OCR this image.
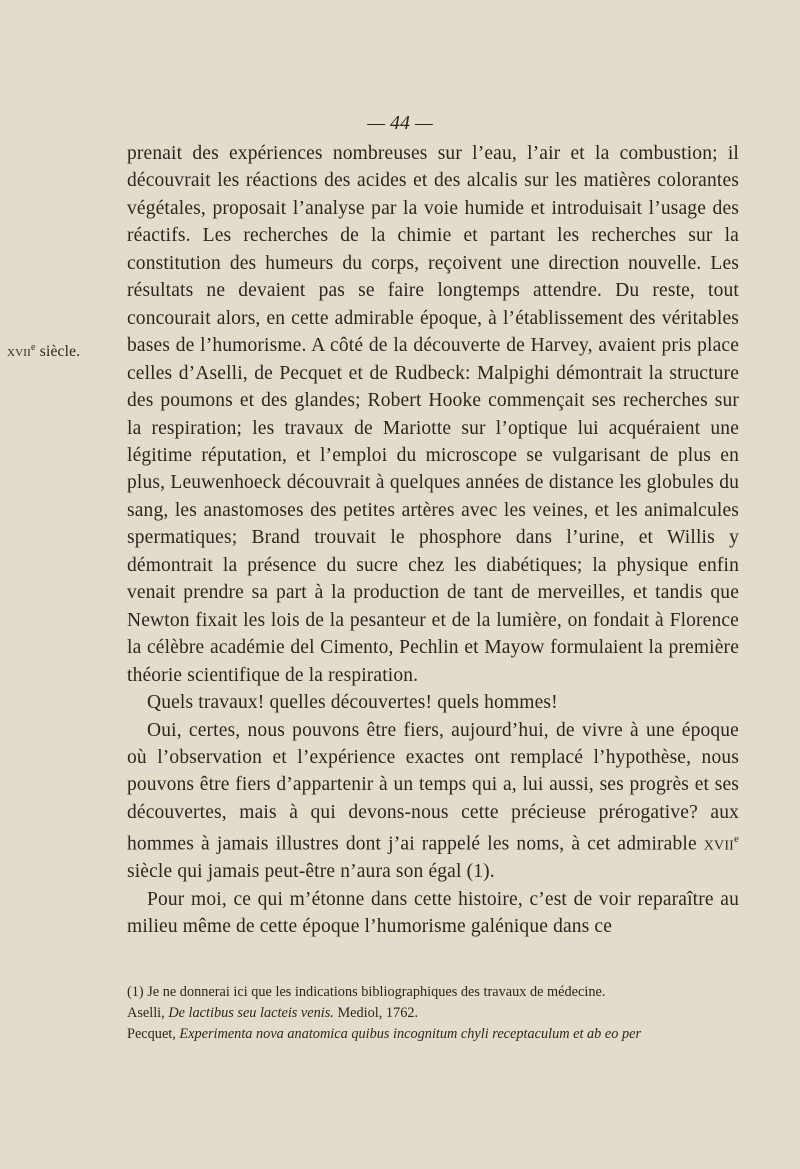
— 44 —
xvii$^e$ siècle.

prenait des expériences nombreuses sur l’eau, l’air et la combustion; il découvrait les réactions des acides et des alcalis sur les matières colorantes végétales, proposait l’analyse par la voie humide et introduisait l’usage des réactifs. Les recherches de la chimie et partant les recherches sur la constitution des humeurs du corps, reçoivent une direction nouvelle. Les résultats ne devaient pas se faire longtemps attendre. Du reste, tout concourait alors, en cette admirable époque, à l’établissement des véritables bases de l’humorisme. A côté de la découverte de Harvey, avaient pris place celles d’Aselli, de Pecquet et de Rudbeck: Malpighi démontrait la structure des poumons et des glandes; Robert Hooke commençait ses recherches sur la respiration; les travaux de Mariotte sur l’optique lui acquéraient une légitime réputation, et l’emploi du microscope se vulgarisant de plus en plus, Leuwenhoeck découvrait à quelques années de distance les globules du sang, les anastomoses des petites artères avec les veines, et les animalcules spermatiques; Brand trouvait le phosphore dans l’urine, et Willis y démontrait la présence du sucre chez les diabétiques; la physique enfin venait prendre sa part à la production de tant de merveilles, et tandis que Newton fixait les lois de la pesanteur et de la lumière, on fondait à Florence la célèbre académie del Cimento, Pechlin et Mayow formulaient la première théorie scientifique de la respiration.

Quels travaux! quelles découvertes! quels hommes!

Oui, certes, nous pouvons être fiers, aujourd’hui, de vivre à une époque où l’observation et l’expérience exactes ont remplacé l’hypothèse, nous pouvons être fiers d’appartenir à un temps qui a, lui aussi, ses progrès et ses découvertes, mais à qui devons-nous cette précieuse prérogative? aux hommes à jamais illustres dont j’ai rappelé les noms, à cet admirable xvii$^e$ siècle qui jamais peut-être n’aura son égal (1).

Pour moi, ce qui m’étonne dans cette histoire, c’est de voir reparaître au milieu même de cette époque l’humorisme galénique dans ce

(1) Je ne donnerai ici que les indications bibliographiques des travaux de médecine.
Aselli, De lactibus seu lacteis venis. Mediol, 1762.
Pecquet, Experimenta nova anatomica quibus incognitum chyli receptaculum et ab eo per
